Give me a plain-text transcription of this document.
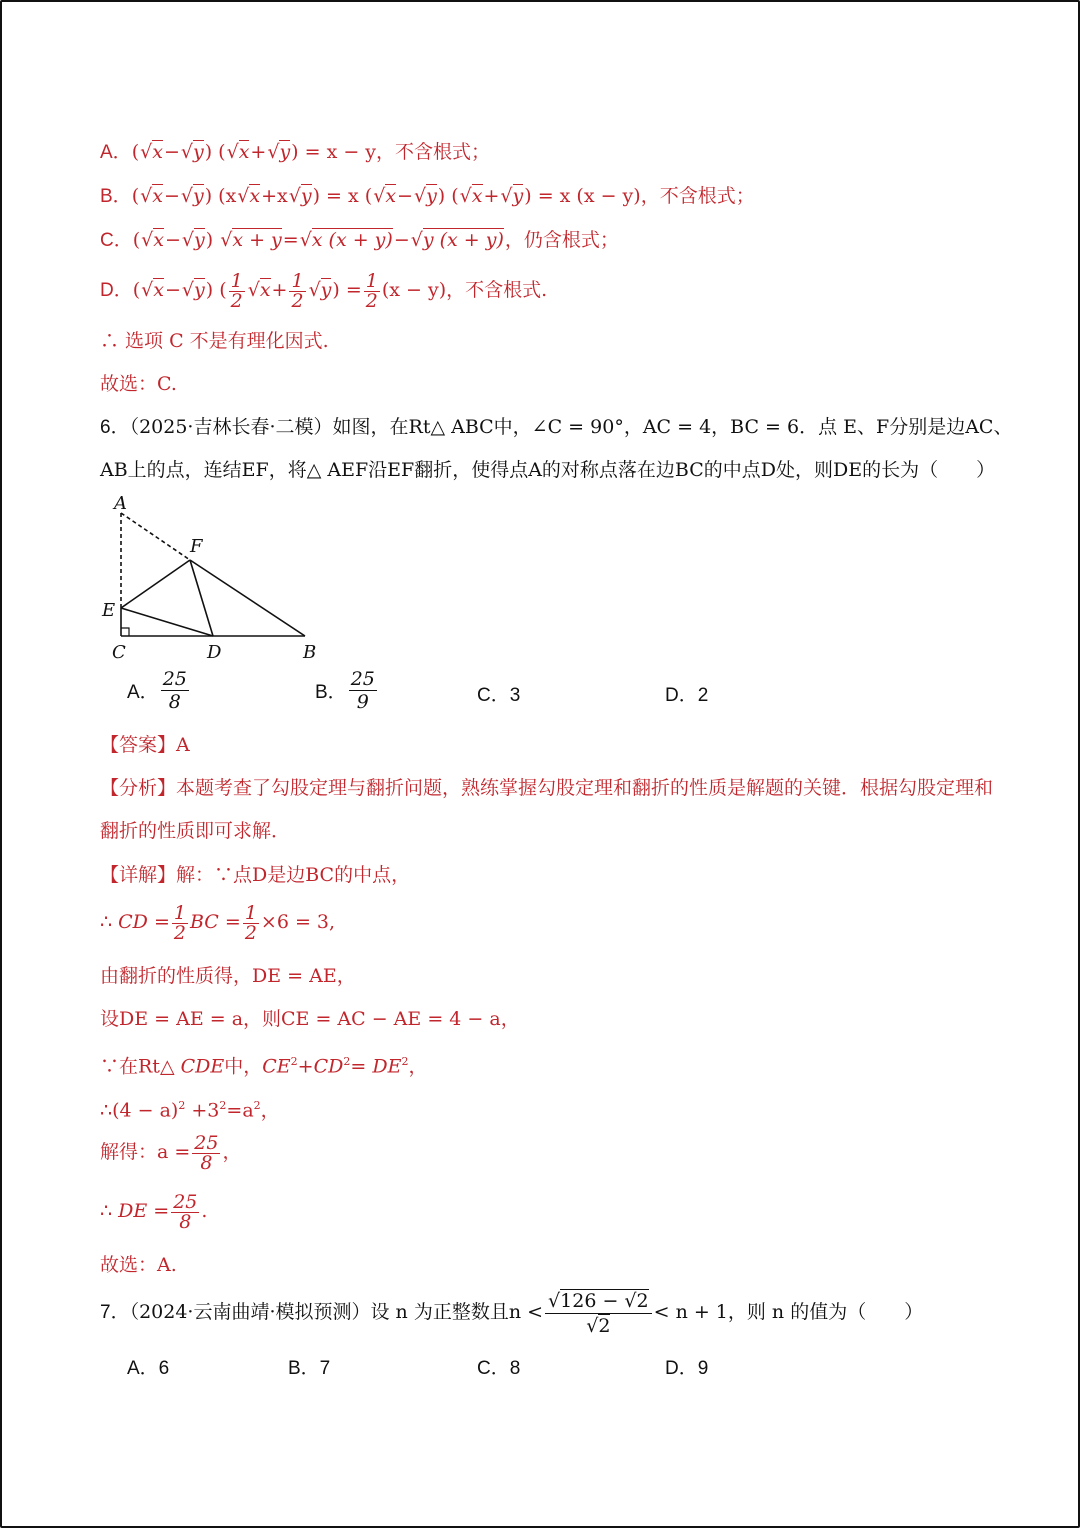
A．(√x−√y) (√x+√y) = x − y，不含根式；
B．(√x−√y) (x√x+x√y) = x (√x−√y) (√x+√y) = x (x − y)，不含根式；
C．(√x−√y) √x + y=√x (x + y)−√y (x + y)，仍含根式；
D．(√x−√y) ( $\frac{1}{2} √x+ \frac{1}{2} √y) = \frac{1}{2} (x - y)$，不含根式.
∴ 选项 C 不是有理化因式.
故选：C.
6．（2025·吉林长春·二模）如图，在Rt△ ABC中，∠C = 90°，AC = 4，BC = 6．点 E、F分别是边AC、
AB上的点，连结EF，将△ AEF沿EF翻折，使得点A的对称点落在边BC的中点D处，则DE的长为（　　）
A
F
E
C	D	B
A． $\frac{25}{8}$	B． $\frac{25}{9}$	C．3	D．2
【答案】A
【分析】本题考查了勾股定理与翻折问题，熟练掌握勾股定理和翻折的性质是解题的关键．根据勾股定理和
翻折的性质即可求解．
【详解】解：∵点D是边BC的中点，
∴ CD = $\frac{1}{2}$ BC = $\frac{1}{2} \times 6 = 3$,
由翻折的性质得，DE = AE，
设DE = AE = a，则CE = AC − AE = 4 − a，
∵在Rt△ CDE中，$CE^2+CD^2= DE^2$，
∴(4 − $a)^2 +3^2=a^2$，
解得：$a = \frac{25}{8}$ ，
∴ DE = $\frac{25}{8}$ .
故选：A.
7．（2024·云南曲靖·模拟预测）设 n 为正整数且$n < \frac{√126 - √2}{√2} < n + 1$，则 n 的值为（　　）
A．6	B．7	C．8	D．9
